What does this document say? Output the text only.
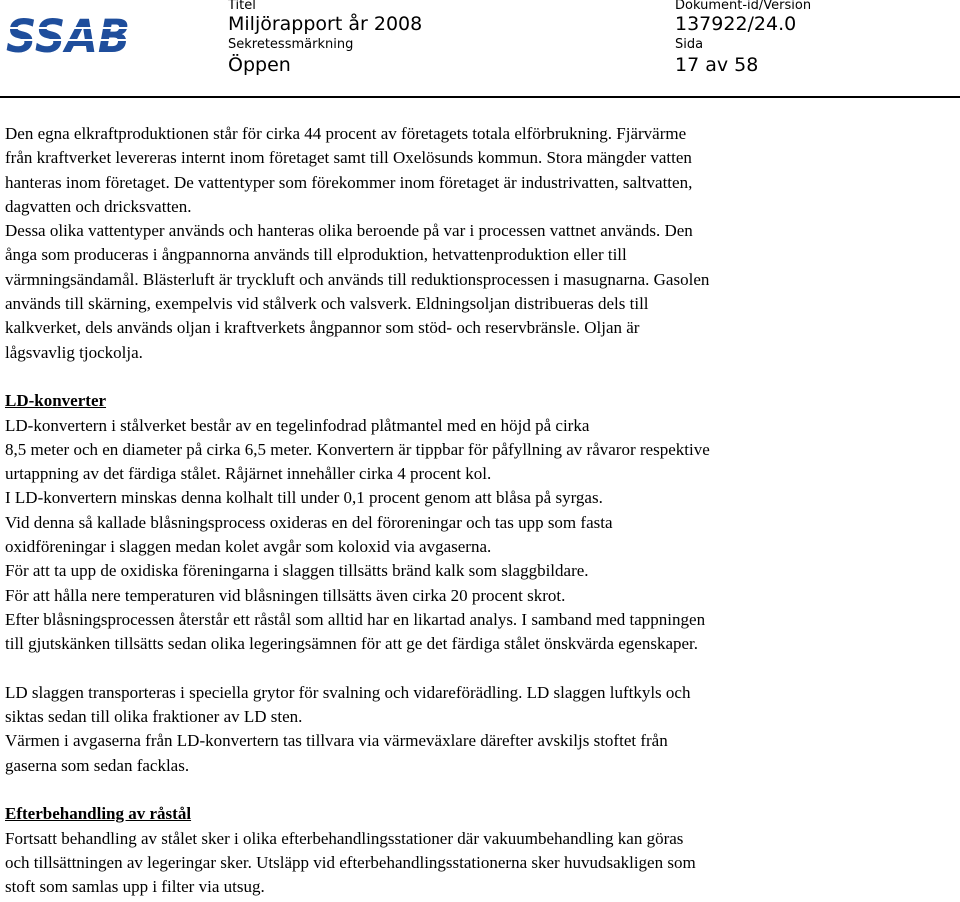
SSAB
Titel
Miljörapport år 2008
Dokument-id/Version
137922/24.0
Sekretessmärkning
Öppen
Sida
17 av 58

Den egna elkraftproduktionen står för cirka 44 procent av företagets totala elförbrukning. Fjärvärme

från kraftverket levereras internt inom företaget samt till Oxelösunds kommun. Stora mängder vatten

hanteras inom företaget. De vattentyper som förekommer inom företaget är industrivatten, saltvatten,

dagvatten och dricksvatten.

Dessa olika vattentyper används och hanteras olika beroende på var i processen vattnet används. Den

ånga som produceras i ångpannorna används till elproduktion, hetvattenproduktion eller till

värmningsändamål. Blästerluft är tryckluft och används till reduktionsprocessen i masugnarna. Gasolen

används till skärning, exempelvis vid stålverk och valsverk. Eldningsoljan distribueras dels till

kalkverket, dels används oljan i kraftverkets ångpannor som stöd- och reservbränsle. Oljan är

lågsvavlig tjockolja.

LD-konverter

LD-konvertern i stålverket består av en tegelinfodrad plåtmantel med en höjd på cirka

8,5 meter och en diameter på cirka 6,5 meter. Konvertern är tippbar för påfyllning av råvaror respektive

urtappning av det färdiga stålet. Råjärnet innehåller cirka 4 procent kol.

I LD-konvertern minskas denna kolhalt till under 0,1 procent genom att blåsa på syrgas.

Vid denna så kallade blåsningsprocess oxideras en del föroreningar och tas upp som fasta

oxidföreningar i slaggen medan kolet avgår som koloxid via avgaserna.

För att ta upp de oxidiska föreningarna i slaggen tillsätts bränd kalk som slaggbildare.

För att hålla nere temperaturen vid blåsningen tillsätts även cirka 20 procent skrot.

Efter blåsningsprocessen återstår ett råstål som alltid har en likartad analys. I samband med tappningen

till gjutskänken tillsätts sedan olika legeringsämnen för att ge det färdiga stålet önskvärda egenskaper.

LD slaggen transporteras i speciella grytor för svalning och vidareförädling. LD slaggen luftkyls och

siktas sedan till olika fraktioner av LD sten.

Värmen i avgaserna från LD-konvertern tas tillvara via värmeväxlare därefter avskiljs stoftet från

gaserna som sedan facklas.

Efterbehandling av råstål

Fortsatt behandling av stålet sker i olika efterbehandlingsstationer där vakuumbehandling kan göras

och tillsättningen av legeringar sker. Utsläpp vid efterbehandlingsstationerna sker huvudsakligen som

stoft som samlas upp i filter via utsug.
